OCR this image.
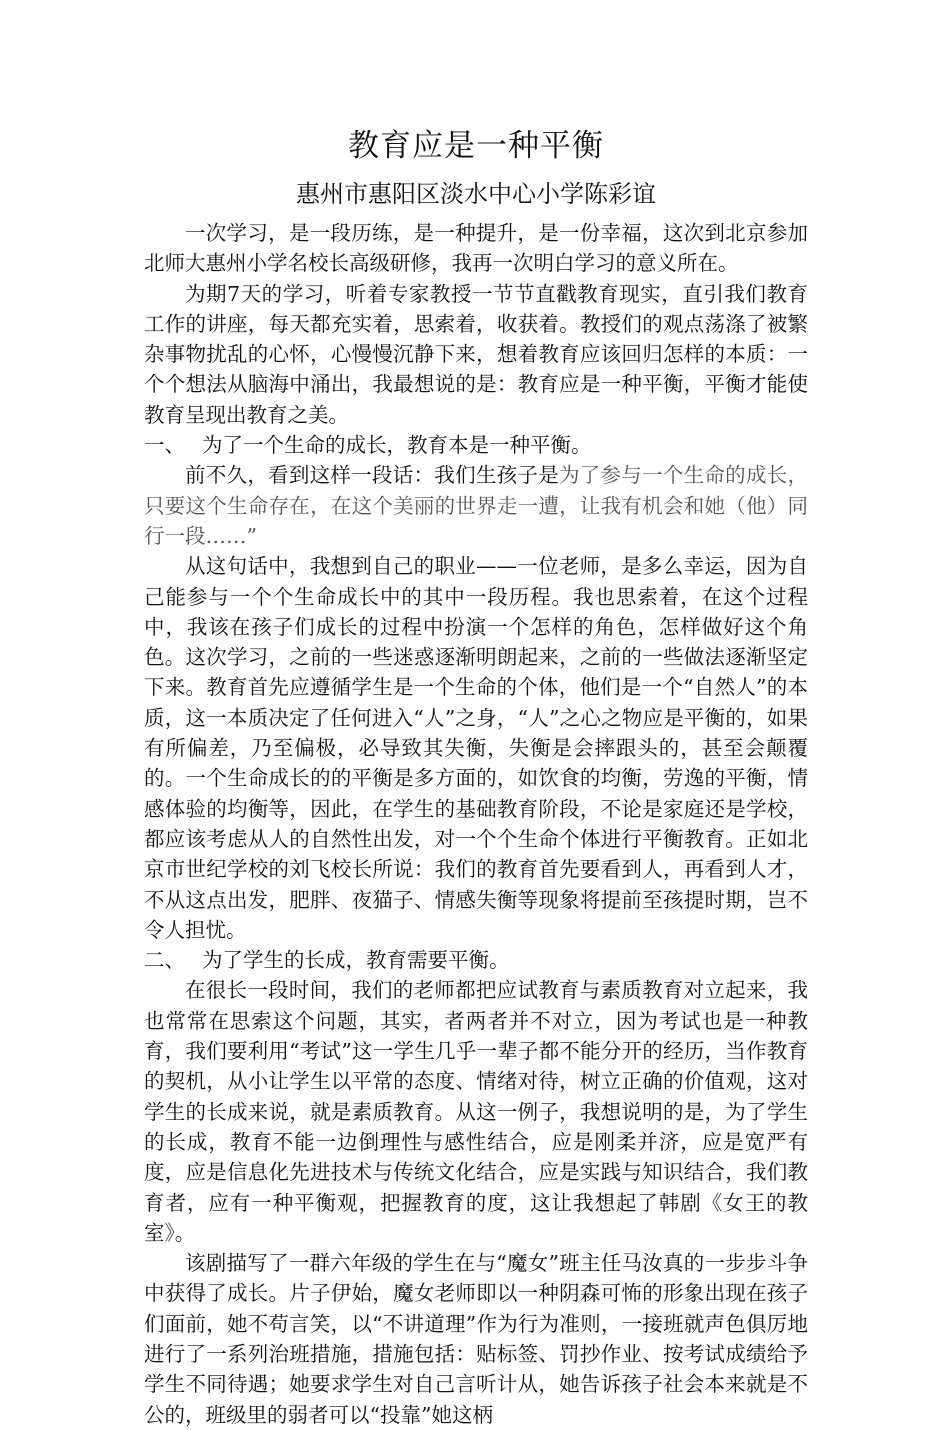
教育应是一种平衡
惠州市惠阳区淡水中心小学陈彩谊

一次学习，是一段历练，是一种提升，是一份幸福，这次到北京参加北师大惠州小学名校长高级研修，我再一次明白学习的意义所在。

为期7天的学习，听着专家教授一节节直戳教育现实，直引我们教育工作的讲座，每天都充实着，思索着，收获着。教授们的观点荡涤了被繁杂事物扰乱的心怀，心慢慢沉静下来，想着教育应该回归怎样的本质：一个个想法从脑海中涌出，我最想说的是：教育应是一种平衡，平衡才能使教育呈现出教育之美。

一、 为了一个生命的成长，教育本是一种平衡。

前不久，看到这样一段话：我们生孩子是为了参与一个生命的成长，只要这个生命存在，在这个美丽的世界走一遭，让我有机会和她（他）同行一段……”

从这句话中，我想到自己的职业——一位老师，是多么幸运，因为自己能参与一个个生命成长中的其中一段历程。我也思索着，在这个过程中，我该在孩子们成长的过程中扮演一个怎样的角色，怎样做好这个角色。这次学习，之前的一些迷惑逐渐明朗起来，之前的一些做法逐渐坚定下来。教育首先应遵循学生是一个生命的个体，他们是一个“自然人”的本质，这一本质决定了任何进入“人”之身，“人”之心之物应是平衡的，如果有所偏差，乃至偏极，必导致其失衡，失衡是会摔跟头的，甚至会颠覆的。一个生命成长的的平衡是多方面的，如饮食的均衡，劳逸的平衡，情感体验的均衡等，因此，在学生的基础教育阶段，不论是家庭还是学校，都应该考虑从人的自然性出发，对一个个生命个体进行平衡教育。正如北京市世纪学校的刘飞校长所说：我们的教育首先要看到人，再看到人才，不从这点出发，肥胖、夜猫子、情感失衡等现象将提前至孩提时期，岂不令人担忧。

二、 为了学生的长成，教育需要平衡。

在很长一段时间，我们的老师都把应试教育与素质教育对立起来，我也常常在思索这个问题，其实，者两者并不对立，因为考试也是一种教育，我们要利用“考试”这一学生几乎一辈子都不能分开的经历，当作教育的契机，从小让学生以平常的态度、情绪对待，树立正确的价值观，这对学生的长成来说，就是素质教育。从这一例子，我想说明的是，为了学生的长成，教育不能一边倒理性与感性结合，应是刚柔并济，应是宽严有度，应是信息化先进技术与传统文化结合，应是实践与知识结合，我们教育者，应有一种平衡观，把握教育的度，这让我想起了韩剧《女王的教室》。

该剧描写了一群六年级的学生在与“魔女”班主任马汝真的一步步斗争中获得了成长。片子伊始，魔女老师即以一种阴森可怖的形象出现在孩子们面前，她不苟言笑，以“不讲道理”作为行为准则，一接班就声色俱厉地进行了一系列治班措施，措施包括：贴标签、罚抄作业、按考试成绩给予学生不同待遇；她要求学生对自己言听计从，她告诉孩子社会本来就是不公的，班级里的弱者可以“投靠”她这柄
